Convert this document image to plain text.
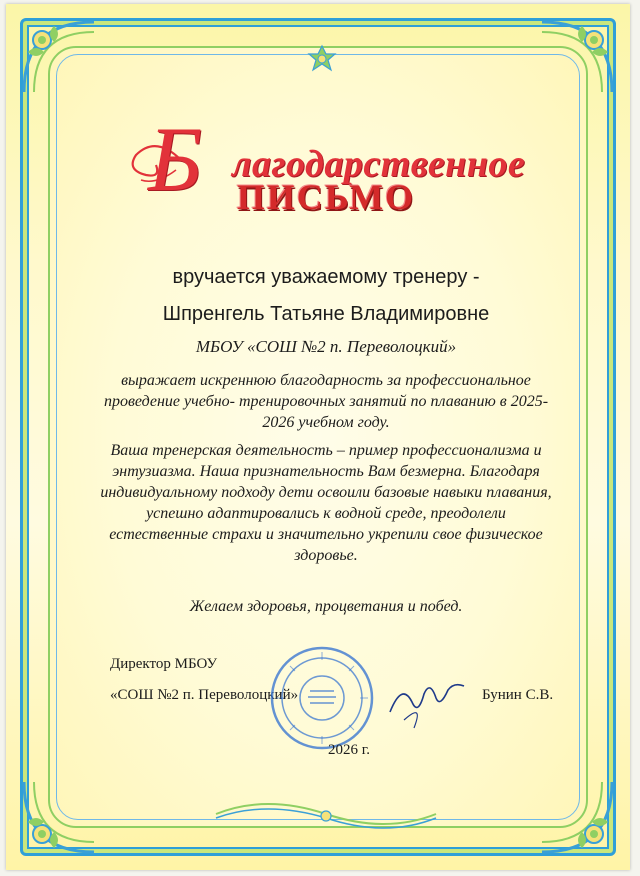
Б лагодарственное
ПИСЬМО
вручается уважаемому тренеру -
Шпренгель Татьяне Владимировне
МБОУ «СОШ №2 п. Переволоцкий»
выражает искреннюю благодарность за профессиональное проведение учебно- тренировочных занятий по плаванию в 2025-2026 учебном году.
Ваша тренерская деятельность – пример профессионализма и энтузиазма. Наша признательность Вам безмерна. Благодаря индивидуальному подходу дети освоили базовые навыки плавания, успешно адаптировались к водной среде, преодолели естественные страхи и значительно укрепили свое физическое здоровье.
Желаем здоровья, процветания и побед.
Директор МБОУ
«СОШ №2 п. Переволоцкий»	Бунин С.В.
2026 г.
